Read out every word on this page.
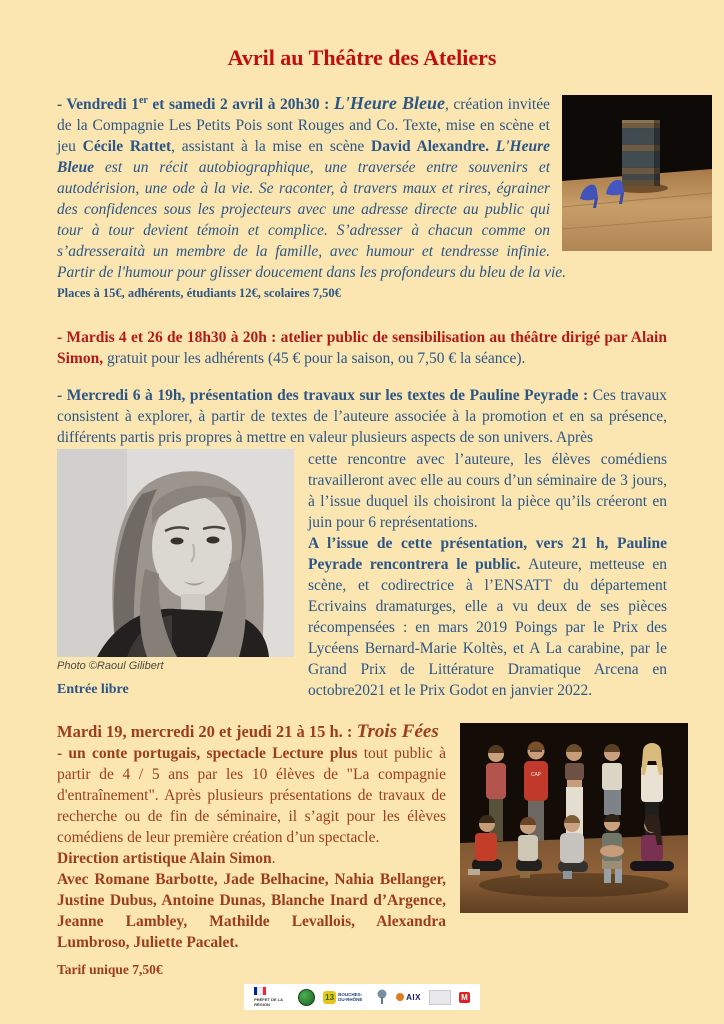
Avril au Théâtre des Ateliers

- Vendredi 1er et samedi 2 avril à 20h30 : L'Heure Bleue, création invitée de la Compagnie Les Petits Pois sont Rouges and Co. Texte, mise en scène et jeu Cécile Rattet, assistant à la mise en scène David Alexandre. L'Heure Bleue est un récit autobiographique, une traversée entre souvenirs et autodérision, une ode à la vie. Se raconter, à travers maux et rires, égrainer des confidences sous les projecteurs avec une adresse directe au public qui tour à tour devient témoin et complice. S’adresser à chacun comme on s’adresseraità un membre de la famille, avec humour et tendresse infinie. Partir de l'humour pour glisser doucement dans les profondeurs du bleu de la vie.

Places à 15€, adhérents, étudiants 12€, scolaires 7,50€

- Mardis 4 et 26 de 18h30 à 20h : atelier public de sensibilisation au théâtre dirigé par Alain Simon, gratuit pour les adhérents (45 € pour la saison, ou 7,50 € la séance).

- Mercredi 6 à 19h, présentation des travaux sur les textes de Pauline Peyrade : Ces travaux consistent à explorer, à partir de textes de l’auteure associée à la promotion et en sa présence, différents partis pris propres à mettre en valeur plusieurs aspects de son univers. Après

Photo ©Raoul Gilibert
Entrée libre

cette rencontre avec l’auteure, les élèves comédiens travailleront avec elle au cours d’un séminaire de 3 jours, à l’issue duquel ils choisiront la pièce qu’ils créeront en juin pour 6 représentations.

A l’issue de cette présentation, vers 21 h, Pauline Peyrade rencontrera le public. Auteure, metteuse en scène, et codirectrice à l’ENSATT du département Ecrivains dramaturges, elle a vu deux de ses pièces récompensées : en mars 2019 Poings par le Prix des Lycéens Bernard-Marie Koltès, et A La carabine, par le Grand Prix de Littérature Dramatique Arcena en octobre2021 et le Prix Godot en janvier 2022.

Mardi 19, mercredi 20 et jeudi 21 à 15 h. : Trois Fées

- un conte portugais, spectacle Lecture plus tout public à partir de 4 / 5 ans par les 10 élèves de "La compagnie d'entraînement". Après plusieurs présentations de travaux de recherche ou de fin de séminaire, il s’agit pour les élèves comédiens de leur première création d’un spectacle.

Direction artistique Alain Simon.

Avec Romane Barbotte, Jade Belhacine, Nahia Bellanger, Justine Dubus, Antoine Dunas, Blanche Inard d’Argence, Jeanne Lambley, Mathilde Levallois, Alexandra Lumbroso, Juliette Pacalet.

Tarif unique 7,50€

CAP
PRÉFET DE LA RÉGION
13 BOUCHES-DU-RHÔNE	AIX	M
